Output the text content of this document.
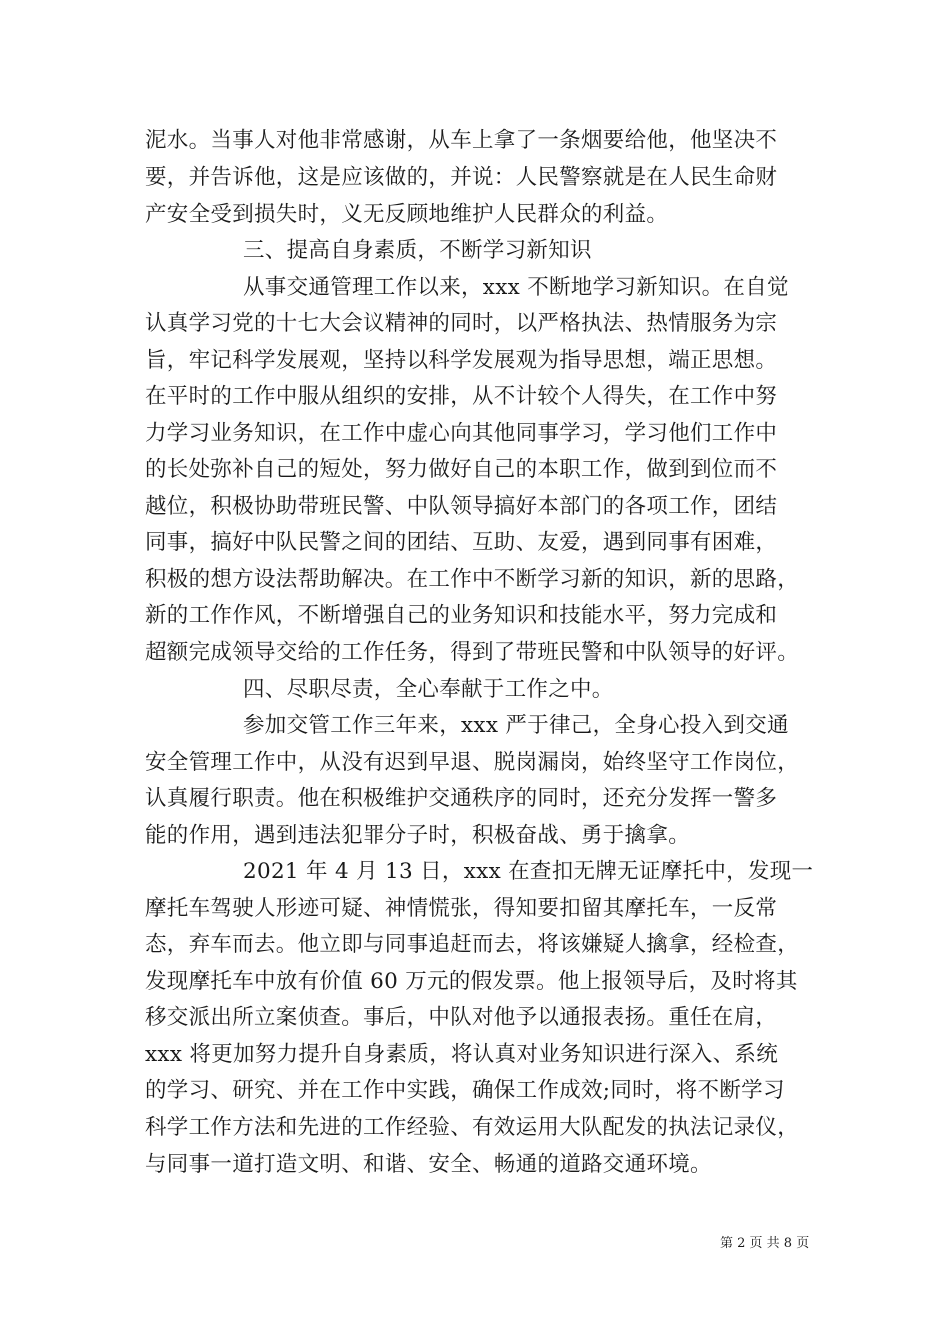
泥水。当事人对他非常感谢，从车上拿了一条烟要给他，他坚决不
要，并告诉他，这是应该做的，并说：人民警察就是在人民生命财
产安全受到损失时，义无反顾地维护人民群众的利益。
三、提高自身素质，不断学习新知识
从事交通管理工作以来，xxx 不断地学习新知识。在自觉
认真学习党的十七大会议精神的同时，以严格执法、热情服务为宗
旨，牢记科学发展观，坚持以科学发展观为指导思想，端正思想。
在平时的工作中服从组织的安排，从不计较个人得失，在工作中努
力学习业务知识，在工作中虚心向其他同事学习，学习他们工作中
的长处弥补自己的短处，努力做好自己的本职工作，做到到位而不
越位，积极协助带班民警、中队领导搞好本部门的各项工作，团结
同事，搞好中队民警之间的团结、互助、友爱，遇到同事有困难，
积极的想方设法帮助解决。在工作中不断学习新的知识，新的思路，
新的工作作风，不断增强自己的业务知识和技能水平，努力完成和
超额完成领导交给的工作任务，得到了带班民警和中队领导的好评。
四、尽职尽责，全心奉献于工作之中。
参加交管工作三年来，xxx 严于律己，全身心投入到交通
安全管理工作中，从没有迟到早退、脱岗漏岗，始终坚守工作岗位，
认真履行职责。他在积极维护交通秩序的同时，还充分发挥一警多
能的作用，遇到违法犯罪分子时，积极奋战、勇于擒拿。
2021 年 4 月 13 日，xxx 在查扣无牌无证摩托中，发现一
摩托车驾驶人形迹可疑、神情慌张，得知要扣留其摩托车，一反常
态，弃车而去。他立即与同事追赶而去，将该嫌疑人擒拿，经检查，
发现摩托车中放有价值 60 万元的假发票。他上报领导后，及时将其
移交派出所立案侦查。事后，中队对他予以通报表扬。重任在肩，
xxx 将更加努力提升自身素质，将认真对业务知识进行深入、系统
的学习、研究、并在工作中实践，确保工作成效;同时，将不断学习
科学工作方法和先进的工作经验、有效运用大队配发的执法记录仪，
与同事一道打造文明、和谐、安全、畅通的道路交通环境。
第 2 页 共 8 页
